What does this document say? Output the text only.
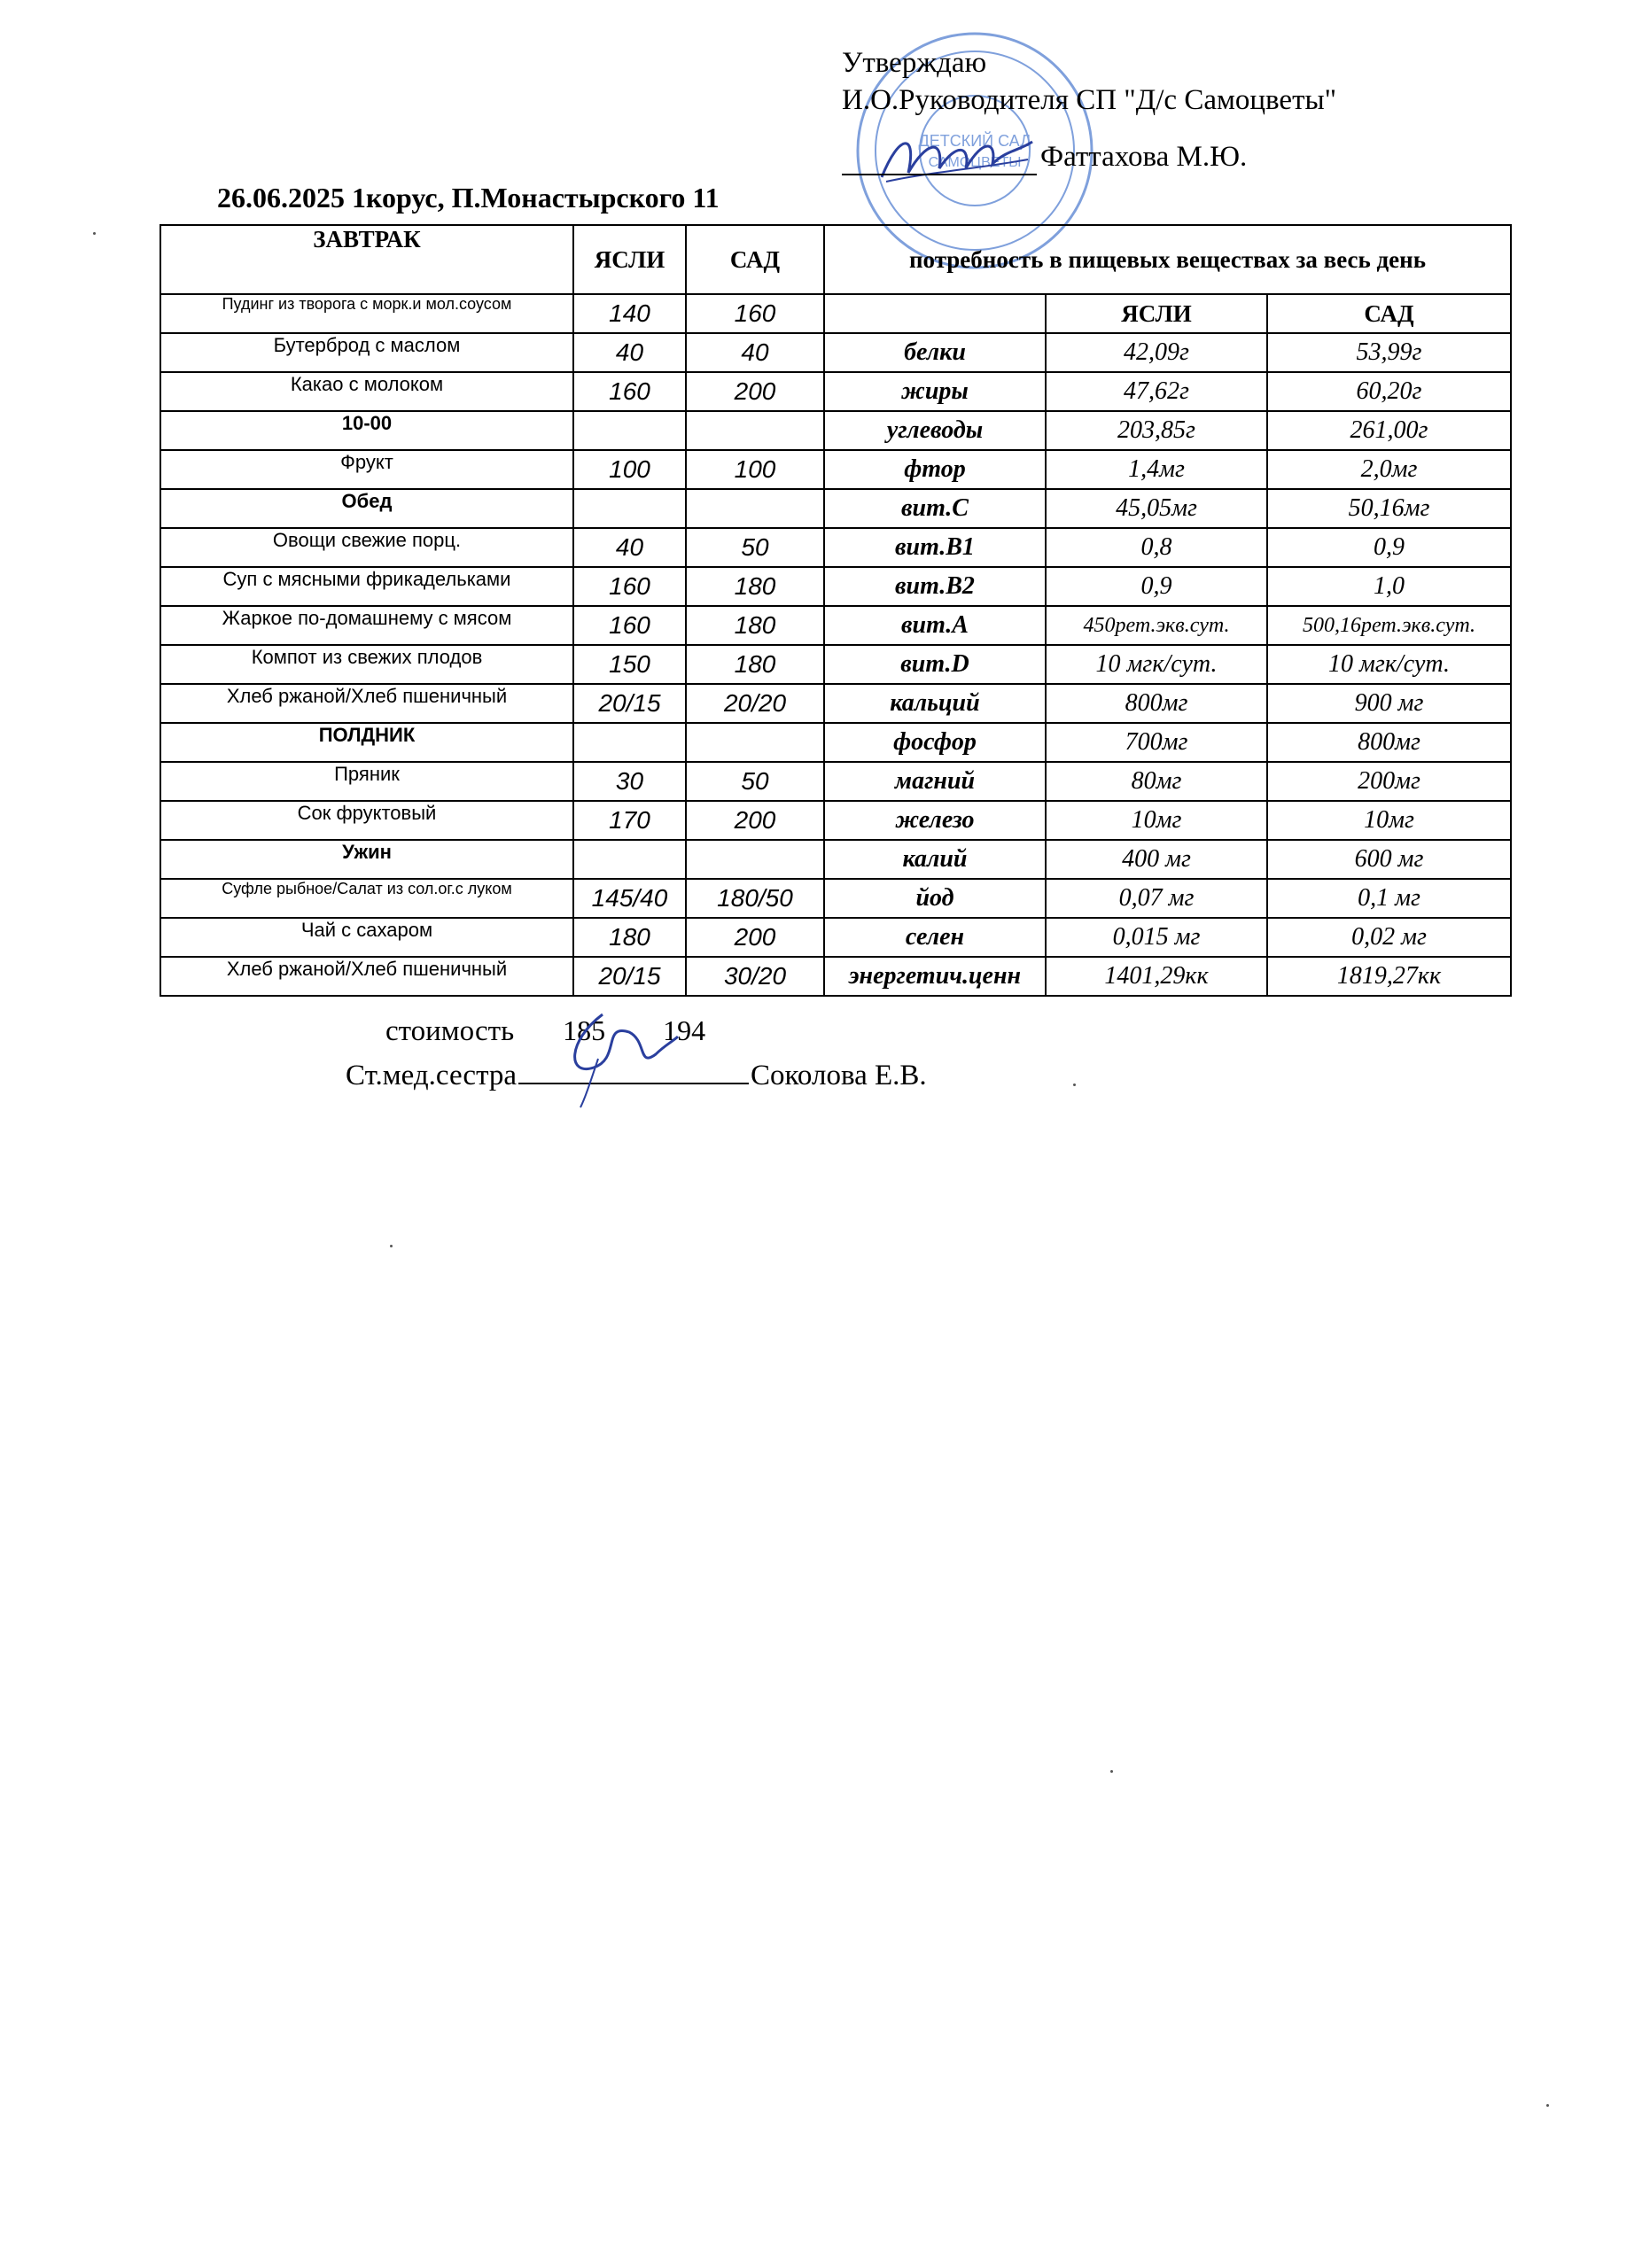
ДЕТСКИЙ САД
САМОЦВЕТЫ
Утверждаю
И.О.Руководителя СП "Д/с Самоцветы"
Фаттахова М.Ю.
26.06.2025 1корус, П.Монастырского 11
ЗАВТРАК	ЯСЛИ	САД	потребность в пищевых веществах за весь день		
Пудинг из творога с морк.и мол.соусом	140	160		ЯСЛИ	САД
Бутерброд с маслом	40	40	белки	42,09г	53,99г
Какао с молоком	160	200	жиры	47,62г	60,20г
10-00			углеводы	203,85г	261,00г
Фрукт	100	100	фтор	1,4мг	2,0мг
Обед			вит.С	45,05мг	50,16мг
Овощи свежие порц.	40	50	вит.В1	0,8	0,9
Суп с мясными фрикадельками	160	180	вит.В2	0,9	1,0
Жаркое по-домашнему с мясом	160	180	вит.А	450рет.экв.сут.	500,16рет.экв.сут.
Компот из свежих плодов	150	180	вит.D	10 мгк/сут.	10 мгк/сут.
Хлеб ржаной/Хлеб пшеничный	20/15	20/20	кальций	800мг	900 мг
ПОЛДНИК			фосфор	700мг	800мг
Пряник	30	50	магний	80мг	200мг
Сок фруктовый	170	200	железо	10мг	10мг
Ужин			калий	400 мг	600 мг
Суфле рыбное/Салат из сол.ог.с луком	145/40	180/50	йод	0,07 мг	0,1 мг
Чай с сахаром	180	200	селен	0,015 мг	0,02 мг
Хлеб ржаной/Хлеб пшеничный	20/15	30/20	энергетич.ценн	1401,29кк	1819,27кк
стоимость 185 194
Ст.мед.сестра	Соколова Е.В.
